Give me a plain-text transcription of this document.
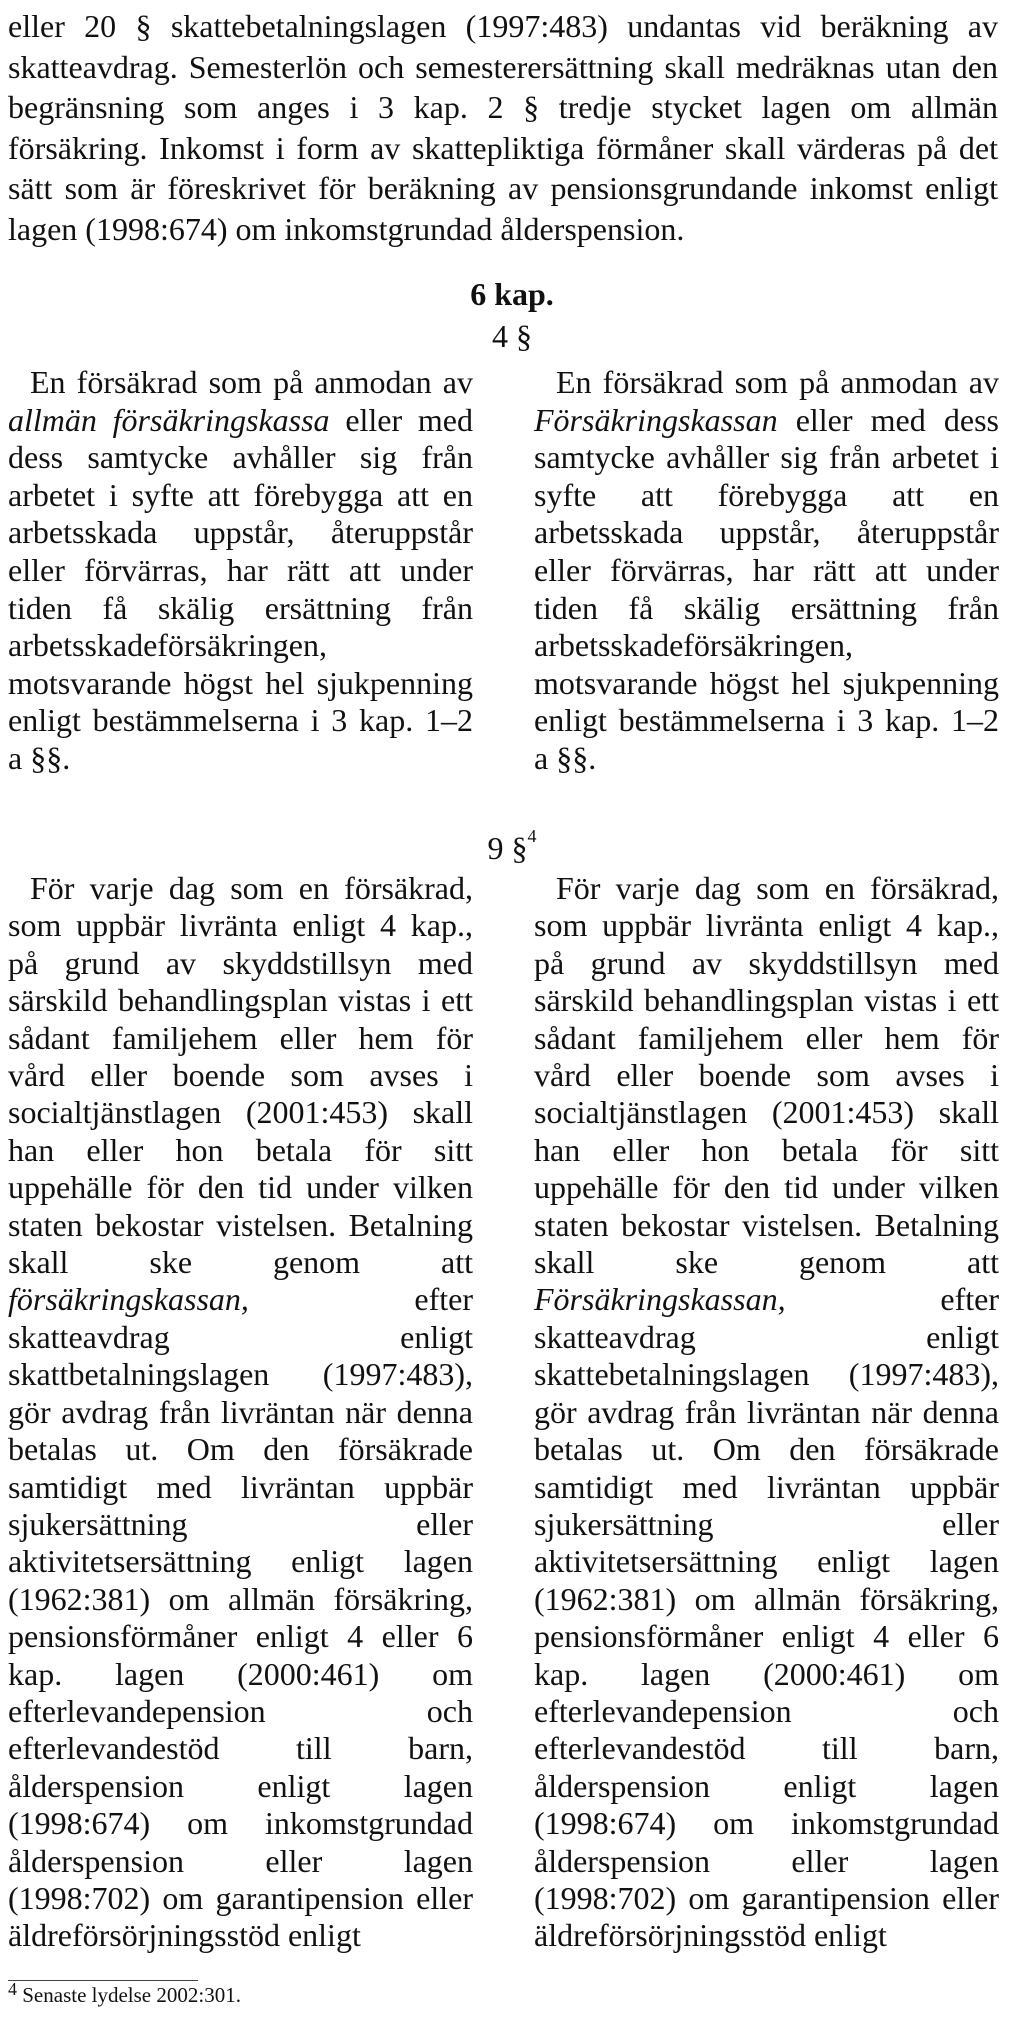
eller 20 § skattebetalningslagen (1997:483) undantas vid beräkning av skatteavdrag. Semesterlön och semesterersättning skall medräknas utan den begränsning som anges i 3 kap. 2 § tredje stycket lagen om allmän försäkring. Inkomst i form av skattepliktiga förmåner skall värderas på det sätt som är föreskrivet för beräkning av pensionsgrundande inkomst enligt lagen (1998:674) om inkomstgrundad ålderspension.
6 kap.
4 §

En försäkrad som på anmodan av allmän försäkringskassa eller med dess samtycke avhåller sig från arbetet i syfte att förebygga att en arbetsskada uppstår, återuppstår eller förvärras, har rätt att under tiden få skälig ersättning från arbetsskadeförsäkringen, motsvarande högst hel sjukpenning enligt bestämmelserna i 3 kap. 1–2 a §§.

En försäkrad som på anmodan av Försäkringskassan eller med dess samtycke avhåller sig från arbetet i syfte att förebygga att en arbetsskada uppstår, återuppstår eller förvärras, har rätt att under tiden få skälig ersättning från arbetsskadeförsäkringen, motsvarande högst hel sjukpenning enligt bestämmelserna i 3 kap. 1–2 a §§.

9 §$^4$

För varje dag som en försäkrad, som uppbär livränta enligt 4 kap., på grund av skyddstillsyn med särskild behandlingsplan vistas i ett sådant familjehem eller hem för vård eller boende som avses i socialtjänstlagen (2001:453) skall han eller hon betala för sitt uppehälle för den tid under vilken staten bekostar vistelsen. Betalning skall ske genom att försäkringskassan, efter skatteavdrag enligt skattbetalningslagen (1997:483), gör avdrag från livräntan när denna betalas ut. Om den försäkrade samtidigt med livräntan uppbär sjukersättning eller aktivitetsersättning enligt lagen (1962:381) om allmän försäkring, pensionsförmåner enligt 4 eller 6 kap. lagen (2000:461) om efterlevandepension och efterlevandestöd till barn, ålderspension enligt lagen (1998:674) om inkomstgrundad ålderspension eller lagen (1998:702) om garantipension eller äldreförsörjningsstöd enligt

För varje dag som en försäkrad, som uppbär livränta enligt 4 kap., på grund av skyddstillsyn med särskild behandlingsplan vistas i ett sådant familjehem eller hem för vård eller boende som avses i socialtjänstlagen (2001:453) skall han eller hon betala för sitt uppehälle för den tid under vilken staten bekostar vistelsen. Betalning skall ske genom att Försäkringskassan, efter skatteavdrag enligt skattebetalningslagen (1997:483), gör avdrag från livräntan när denna betalas ut. Om den försäkrade samtidigt med livräntan uppbär sjukersättning eller aktivitetsersättning enligt lagen (1962:381) om allmän försäkring, pensionsförmåner enligt 4 eller 6 kap. lagen (2000:461) om efterlevandepension och efterlevandestöd till barn, ålderspension enligt lagen (1998:674) om inkomstgrundad ålderspension eller lagen (1998:702) om garantipension eller äldreförsörjningsstöd enligt

$^4$ Senaste lydelse 2002:301.
